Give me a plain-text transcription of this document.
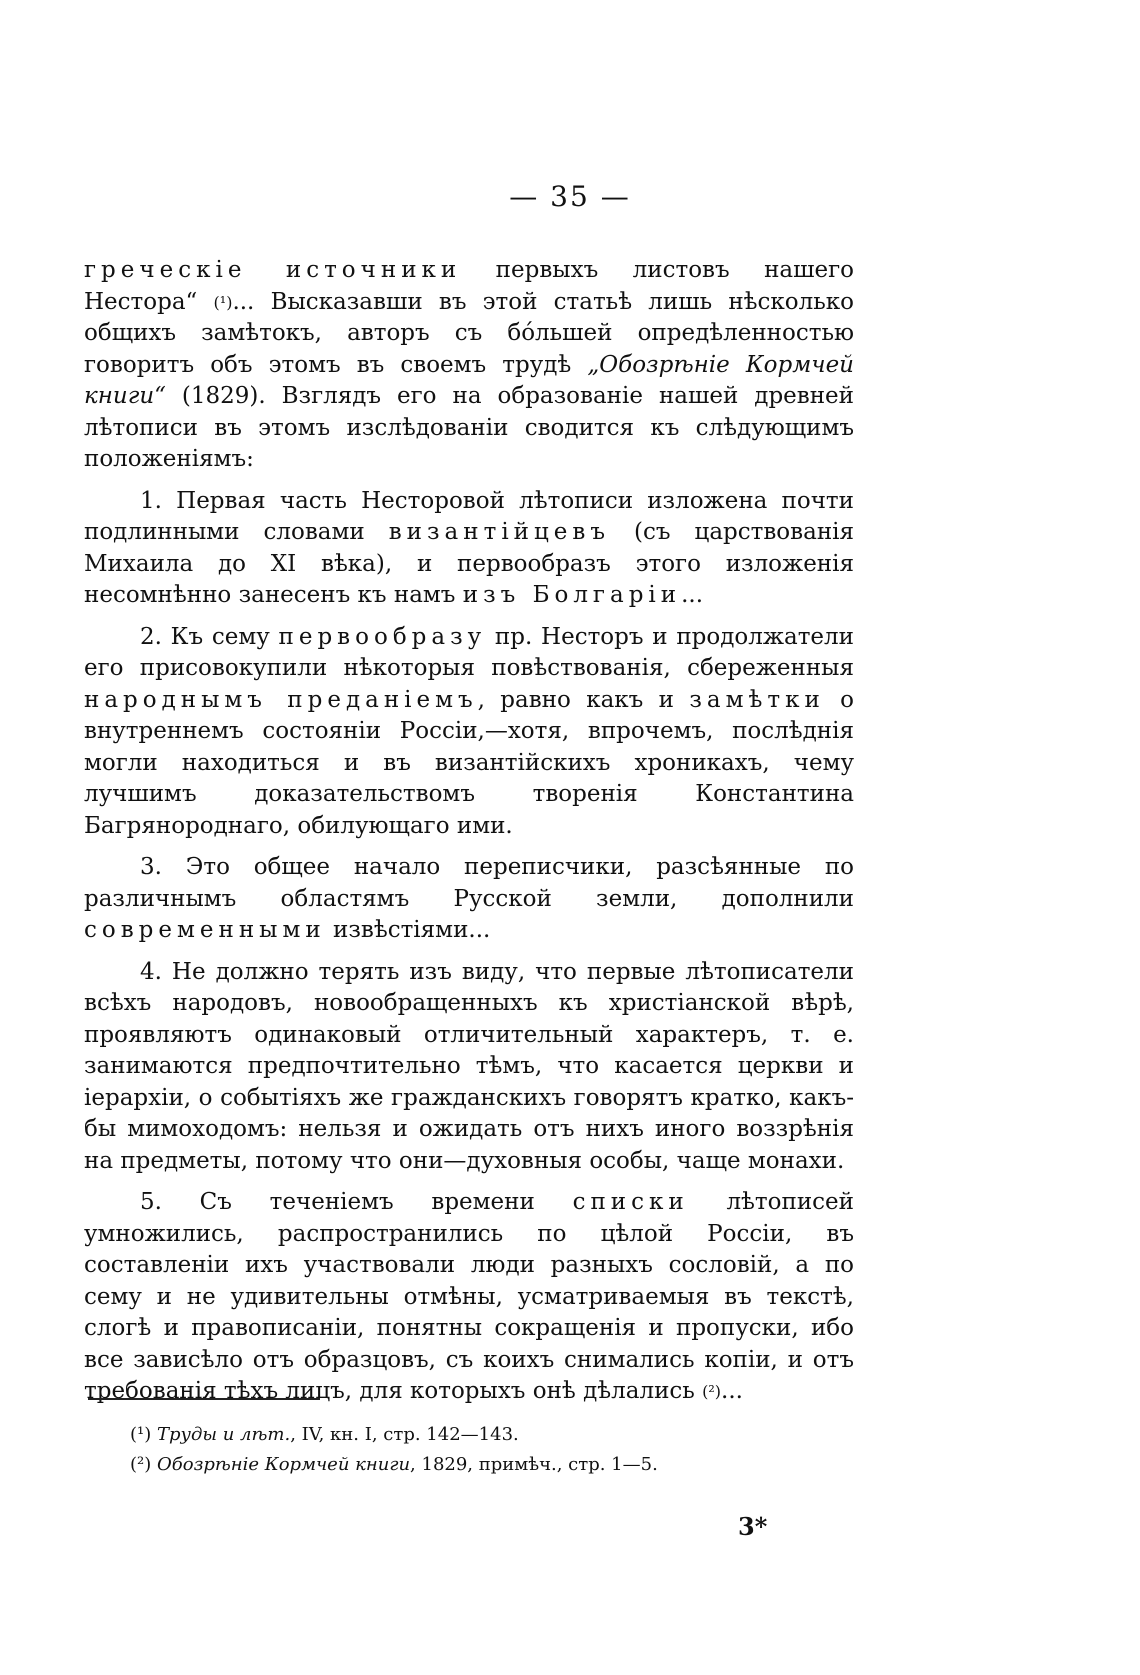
— 35 —

греческіе источники первыхъ листовъ нашего Нестора“ $^{(^1)}$... Высказавши въ этой статьѣ лишь нѣсколько общихъ замѣтокъ, авторъ съ бо́льшей опредѣленностью говоритъ объ этомъ въ своемъ трудѣ „Обозрѣніе Кормчей книги“ (1829). Взглядъ его на образованіе нашей древней лѣтописи въ этомъ изслѣдованіи сводится къ слѣдующимъ положеніямъ:

1. Первая часть Несторовой лѣтописи изложена почти подлинными словами византійцевъ (съ царствованія Михаила до XI вѣка), и первообразъ этого изложенія несомнѣнно занесенъ къ намъ изъ Болгаріи...

2. Къ сему первообразу пр. Несторъ и продолжатели его присовокупили нѣкоторыя повѣствованія, сбереженныя народнымъ преданіемъ, равно какъ и замѣтки о внутреннемъ состояніи Россіи,—хотя, впрочемъ, послѣднія могли находиться и въ византійскихъ хроникахъ, чему лучшимъ доказательствомъ творенія Константина Багрянороднаго, обилующаго ими.

3. Это общее начало переписчики, разсѣянные по различнымъ областямъ Русской земли, дополнили современными извѣстіями...

4. Не должно терять изъ виду, что первые лѣтописатели всѣхъ народовъ, новообращенныхъ къ христіанской вѣрѣ, проявляютъ одинаковый отличительный характеръ, т. е. занимаются предпочтительно тѣмъ, что касается церкви и іерархіи, о событіяхъ же гражданскихъ говорятъ кратко, какъ-бы мимоходомъ: нельзя и ожидать отъ нихъ иного воззрѣнія на предметы, потому что они—духовныя особы, чаще монахи.

5. Съ теченіемъ времени списки лѣтописей умножились, распространились по цѣлой Россіи, въ составленіи ихъ участвовали люди разныхъ сословій, а по сему и не удивительны отмѣны, усматриваемыя въ текстѣ, слогѣ и правописаніи, понятны сокращенія и пропуски, ибо все зависѣло отъ образцовъ, съ коихъ снимались копіи, и отъ требованія тѣхъ лицъ, для которыхъ онѣ дѣлались $^{(^2)}$...

(¹) Труды и лѣт., IV, кн. I, стр. 142—143.
(²) Обозрѣніе Кормчей книги, 1829, примѣч., стр. 1—5.
3*
